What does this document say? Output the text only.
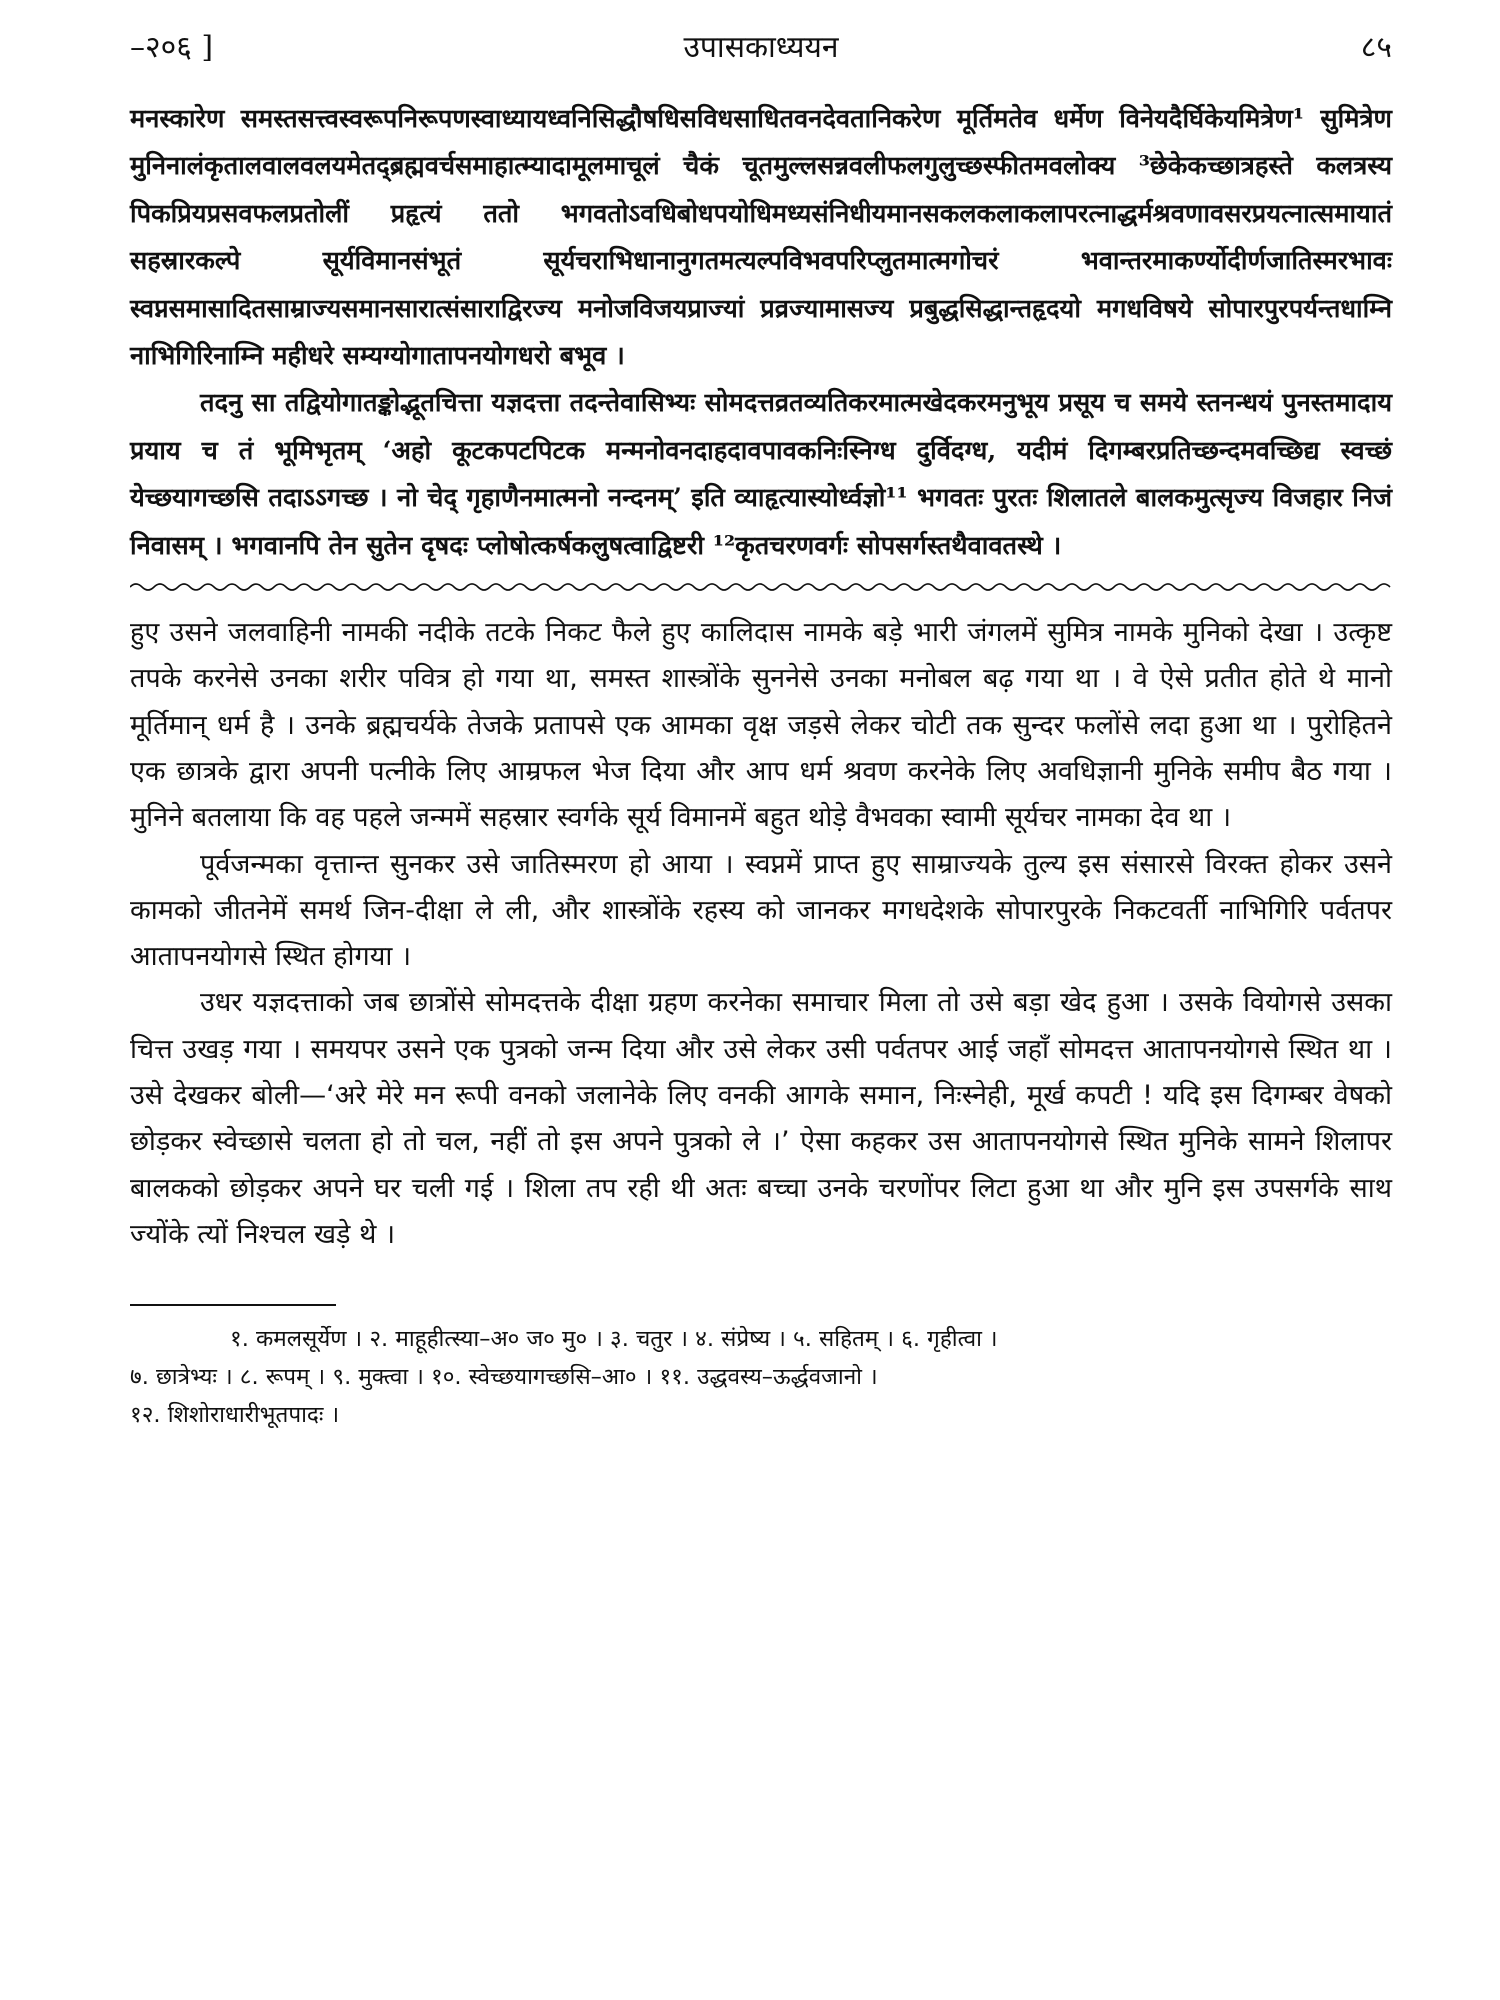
–२०६ ]	उपासकाध्ययन	८५

मनस्कारेण समस्तसत्त्वस्वरूपनिरूपणस्वाध्यायध्वनिसिद्धौषधिसविधसाधितवनदेवतानिकरेण मूर्तिमतेव धर्मेण विनेयदैर्घिकेयमित्रेण¹ सुमित्रेण मुनिनालंकृतालवालवलयमेतद्ब्रह्मवर्चसमाहात्म्यादामूलमाचूलं चैकं चूतमुल्लसन्नवलीफलगुलुच्छस्फीतमवलोक्य ³छेकेकच्छात्रहस्ते कलत्रस्य पिकप्रियप्रसवफलप्रतोलीं प्रहृत्यं ततो भगवतोऽवधिबोधपयोधिमध्यसंनिधीयमानसकलकलाकलापरत्नाद्धर्मश्रवणावसरप्रयत्नात्समायातं सहस्रारकल्पे सूर्यविमानसंभूतं सूर्यचराभिधानानुगतमत्यल्पविभवपरिप्लुतमात्मगोचरं भवान्तरमाकर्ण्योदीर्णजातिस्मरभावः स्वप्नसमासादितसाम्राज्यसमानसारात्संसाराद्विरज्य मनोजविजयप्राज्यां प्रव्रज्यामासज्य प्रबुद्धसिद्धान्तहृदयो मगधविषये सोपारपुरपर्यन्तधाम्नि नाभिगिरिनाम्नि महीधरे सम्यग्योगातापनयोगधरो बभूव ।

तदनु सा तद्वियोगातङ्कोद्भूतचित्ता यज्ञदत्ता तदन्तेवासिभ्यः सोमदत्तव्रतव्यतिकरमात्मखेदकरमनुभूय प्रसूय च समये स्तनन्धयं पुनस्तमादाय प्रयाय च तं भूमिभृतम् ‘अहो कूटकपटपिटक मन्मनोवनदाहदावपावकनिःस्निग्ध दुर्विदग्ध, यदीमं दिगम्बरप्रतिच्छन्दमवच्छिद्य स्वच्छं येच्छयागच्छसि तदाऽऽगच्छ । नो चेद् गृहाणैनमात्मनो नन्दनम्’ इति व्याहृत्यास्योर्ध्वज्ञो¹¹ भगवतः पुरतः शिलातले बालकमुत्सृज्य विजहार निजं निवासम् । भगवानपि तेन सुतेन दृषदः प्लोषोत्कर्षकलुषत्वाद्विष्टरी ¹²कृतचरणवर्गः सोपसर्गस्तथैवावतस्थे ।

हुए उसने जलवाहिनी नामकी नदीके तटके निकट फैले हुए कालिदास नामके बड़े भारी जंगलमें सुमित्र नामके मुनिको देखा । उत्कृष्ट तपके करनेसे उनका शरीर पवित्र हो गया था, समस्त शास्त्रोंके सुननेसे उनका मनोबल बढ़ गया था । वे ऐसे प्रतीत होते थे मानो मूर्तिमान् धर्म है । उनके ब्रह्मचर्यके तेजके प्रतापसे एक आमका वृक्ष जड़से लेकर चोटी तक सुन्दर फलोंसे लदा हुआ था । पुरोहितने एक छात्रके द्वारा अपनी पत्नीके लिए आम्रफल भेज दिया और आप धर्म श्रवण करनेके लिए अवधिज्ञानी मुनिके समीप बैठ गया । मुनिने बतलाया कि वह पहले जन्ममें सहस्रार स्वर्गके सूर्य विमानमें बहुत थोड़े वैभवका स्वामी सूर्यचर नामका देव था ।

पूर्वजन्मका वृत्तान्त सुनकर उसे जातिस्मरण हो आया । स्वप्नमें प्राप्त हुए साम्राज्यके तुल्य इस संसारसे विरक्त होकर उसने कामको जीतनेमें समर्थ जिन-दीक्षा ले ली, और शास्त्रोंके रहस्य को जानकर मगधदेशके सोपारपुरके निकटवर्ती नाभिगिरि पर्वतपर आतापनयोगसे स्थित होगया ।

उधर यज्ञदत्ताको जब छात्रोंसे सोमदत्तके दीक्षा ग्रहण करनेका समाचार मिला तो उसे बड़ा खेद हुआ । उसके वियोगसे उसका चित्त उखड़ गया । समयपर उसने एक पुत्रको जन्म दिया और उसे लेकर उसी पर्वतपर आई जहाँ सोमदत्त आतापनयोगसे स्थित था । उसे देखकर बोली—‘अरे मेरे मन रूपी वनको जलानेके लिए वनकी आगके समान, निःस्नेही, मूर्ख कपटी ! यदि इस दिगम्बर वेषको छोड़कर स्वेच्छासे चलता हो तो चल, नहीं तो इस अपने पुत्रको ले ।’ ऐसा कहकर उस आतापनयोगसे स्थित मुनिके सामने शिलापर बालकको छोड़कर अपने घर चली गई । शिला तप रही थी अतः बच्चा उनके चरणोंपर लिटा हुआ था और मुनि इस उपसर्गके साथ ज्योंके त्यों निश्चल खड़े थे ।

१. कमलसूर्येण । २. माहूहीत्स्या–अ० ज० मु० । ३. चतुर । ४. संप्रेष्य । ५. सहितम् । ६. गृहीत्वा ।
७. छात्रेभ्यः । ८. रूपम् । ९. मुक्त्वा । १०. स्वेच्छयागच्छसि–आ० । ११. उद्धवस्य–ऊर्द्धवजानो ।
१२. शिशोराधारीभूतपादः ।
